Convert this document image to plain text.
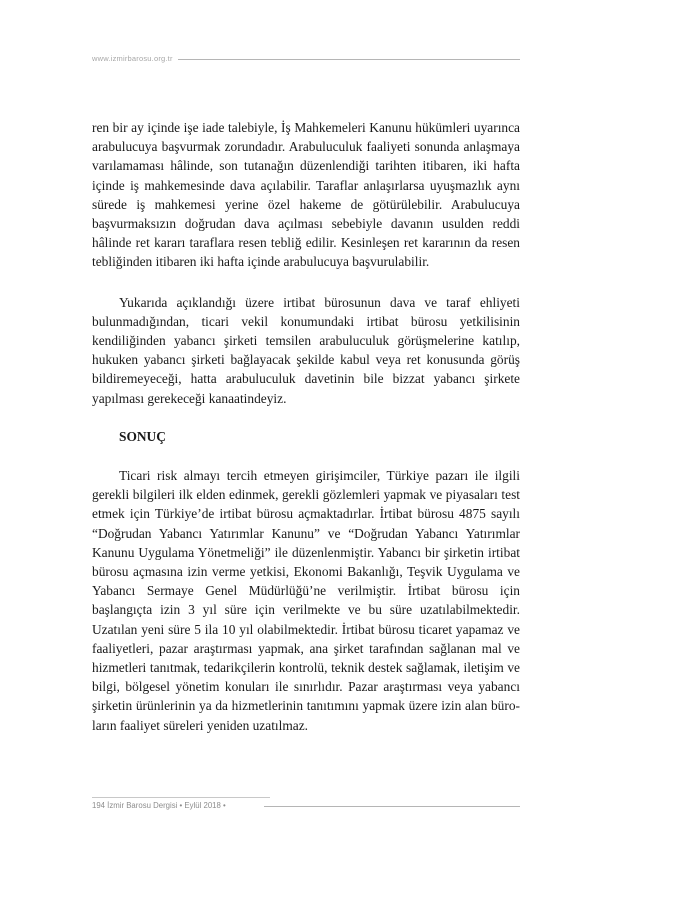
www.izmirbarosu.org.tr

ren bir ay içinde işe iade talebiyle, İş Mahkemeleri Kanunu hükümleri uyarınca arabulucuya başvurmak zorundadır. Arabuluculuk faaliyeti sonunda anlaşmaya varılamaması hâlinde, son tutanağın düzenlendiği tarihten itibaren, iki hafta içinde iş mahkemesinde dava açılabilir. Taraflar anlaşırlarsa uyuşmazlık aynı sürede iş mahkemesi yerine özel hakeme de götürülebilir. Arabulucuya başvurmaksızın doğrudan dava açılması sebebiyle davanın usulden reddi hâlinde ret kararı taraflara resen tebliğ edilir. Kesinleşen ret kararının da resen tebliğinden itibaren iki hafta içinde arabulucuya başvurulabilir.

Yukarıda açıklandığı üzere irtibat bürosunun dava ve taraf ehliyeti bulunmadığından, ticari vekil konumundaki irtibat bürosu yetkilisinin kendiliğinden yabancı şirketi temsilen arabuluculuk görüşmelerine katılıp, hukuken yabancı şirketi bağlayacak şekilde kabul veya ret konusunda görüş bildiremeyeceği, hatta arabuluculuk davetinin bile bizzat yabancı şirkete yapılması gerekeceği kanaatindeyiz.

SONUÇ

Ticari risk almayı tercih etmeyen girişimciler, Türkiye pazarı ile ilgili gerekli bilgileri ilk elden edinmek, gerekli gözlemleri yapmak ve piyasaları test etmek için Türkiye’de irtibat bürosu açmaktadırlar. İrtibat bürosu 4875 sayılı “Doğrudan Yabancı Yatırımlar Kanunu” ve “Doğrudan Yabancı Yatırımlar Kanunu Uygulama Yönetmeliği” ile düzenlenmiştir. Yabancı bir şirketin irtibat bürosu açmasına izin verme yetkisi, Ekonomi Bakanlığı, Teşvik Uygulama ve Yabancı Sermaye Genel Müdürlüğü’ne verilmiştir. İrtibat bürosu için başlangıçta izin 3 yıl süre için verilmekte ve bu süre uzatılabilmektedir. Uzatılan yeni süre 5 ila 10 yıl olabilmektedir. İrtibat bürosu ticaret yapamaz ve faaliyetleri, pazar araştırması yapmak, ana şirket tarafından sağlanan mal ve hizmetleri tanıtmak, tedarikçilerin kontrolü, teknik destek sağlamak, iletişim ve bilgi, bölgesel yönetim konuları ile sınırlıdır. Pazar araştırması veya yabancı şirketin ürünlerinin ya da hizmetlerinin tanıtımını yapmak üzere izin alan büroların faaliyet süreleri yeniden uzatılmaz.

194 İzmir Barosu Dergisi • Eylül 2018 •
